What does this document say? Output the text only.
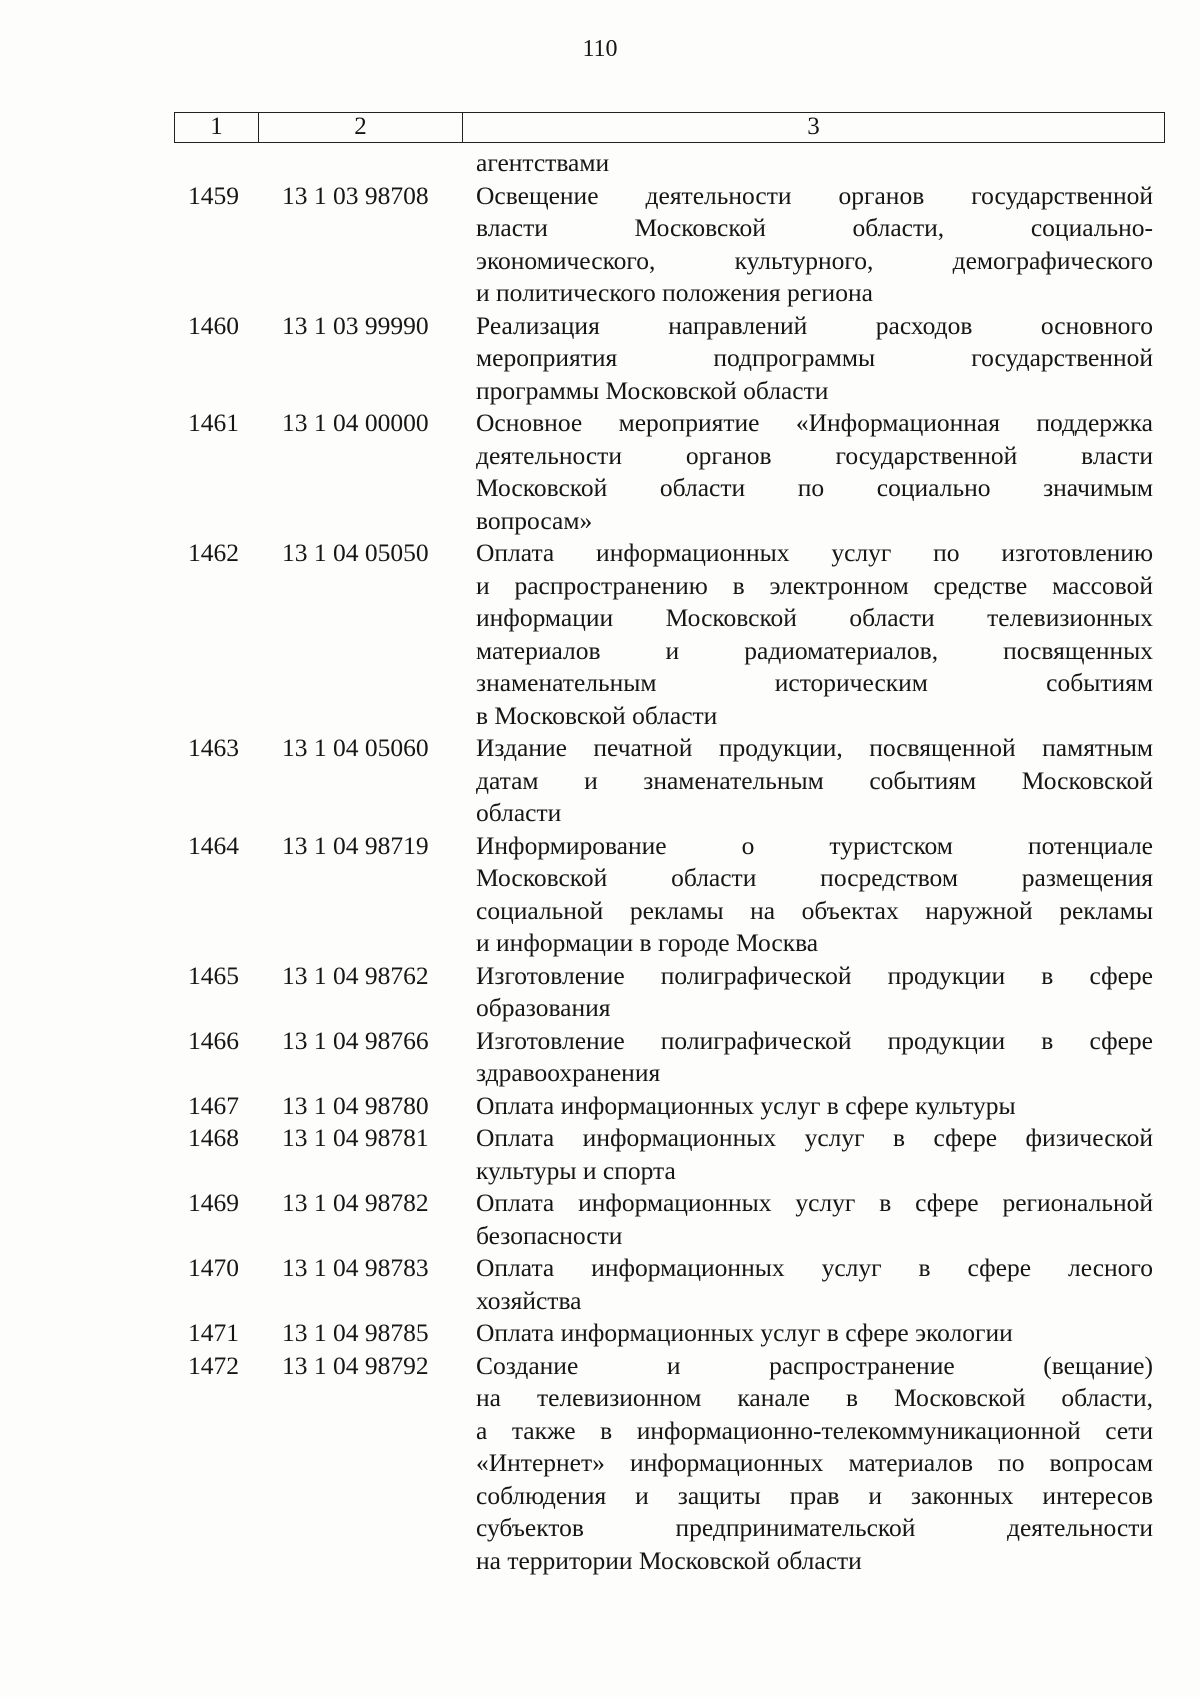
110
1	2	3
агентствами
1459 13 1 03 98708 Освещение деятельности органов государственной
власти Московской области, социально-
экономического, культурного, демографического
и политического положения региона
1460 13 1 03 99990 Реализация направлений расходов основного
мероприятия подпрограммы государственной
программы Московской области
1461 13 1 04 00000 Основное мероприятие «Информационная поддержка
деятельности органов государственной власти
Московской области по социально значимым
вопросам»
1462 13 1 04 05050 Оплата информационных услуг по изготовлению
и распространению в электронном средстве массовой
информации Московской области телевизионных
материалов и радиоматериалов, посвященных
знаменательным историческим событиям
в Московской области
1463 13 1 04 05060 Издание печатной продукции, посвященной памятным
датам и знаменательным событиям Московской
области
1464 13 1 04 98719 Информирование о туристском потенциале
Московской области посредством размещения
социальной рекламы на объектах наружной рекламы
и информации в городе Москва
1465 13 1 04 98762 Изготовление полиграфической продукции в сфере
образования
1466 13 1 04 98766 Изготовление полиграфической продукции в сфере
здравоохранения
1467 13 1 04 98780 Оплата информационных услуг в сфере культуры
1468 13 1 04 98781 Оплата информационных услуг в сфере физической
культуры и спорта
1469 13 1 04 98782 Оплата информационных услуг в сфере региональной
безопасности
1470 13 1 04 98783 Оплата информационных услуг в сфере лесного
хозяйства
1471 13 1 04 98785 Оплата информационных услуг в сфере экологии
1472 13 1 04 98792 Создание и распространение (вещание)
на телевизионном канале в Московской области,
а также в информационно-телекоммуникационной сети
«Интернет» информационных материалов по вопросам
соблюдения и защиты прав и законных интересов
субъектов предпринимательской деятельности
на территории Московской области
